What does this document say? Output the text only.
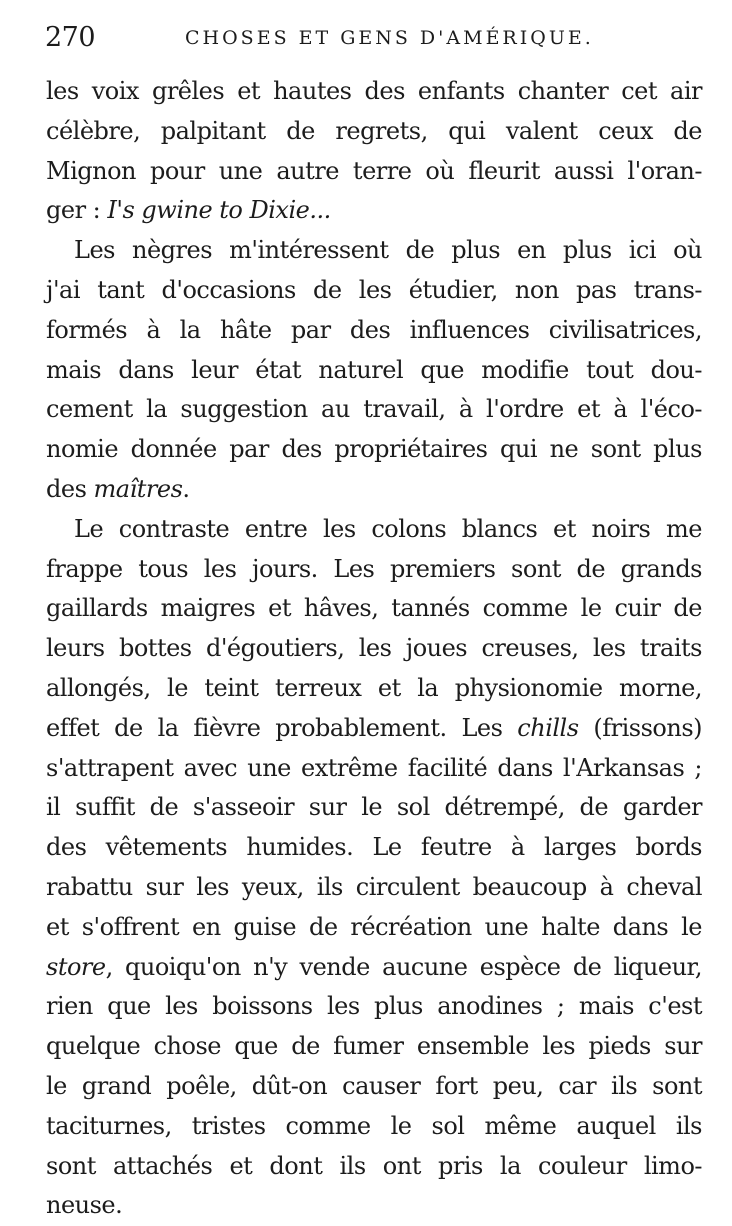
270	CHOSES ET GENS D'AMÉRIQUE.
les voix grêles et hautes des enfants chanter cet air
célèbre, palpitant de regrets, qui valent ceux de
Mignon pour une autre terre où fleurit aussi l'oran-
ger : I's gwine to Dixie...
Les nègres m'intéressent de plus en plus ici où
j'ai tant d'occasions de les étudier, non pas trans-
formés à la hâte par des influences civilisatrices,
mais dans leur état naturel que modifie tout dou-
cement la suggestion au travail, à l'ordre et à l'éco-
nomie donnée par des propriétaires qui ne sont plus
des maîtres.
Le contraste entre les colons blancs et noirs me
frappe tous les jours. Les premiers sont de grands
gaillards maigres et hâves, tannés comme le cuir de
leurs bottes d'égoutiers, les joues creuses, les traits
allongés, le teint terreux et la physionomie morne,
effet de la fièvre probablement. Les chills (frissons)
s'attrapent avec une extrême facilité dans l'Arkansas ;
il suffit de s'asseoir sur le sol détrempé, de garder
des vêtements humides. Le feutre à larges bords
rabattu sur les yeux, ils circulent beaucoup à cheval
et s'offrent en guise de récréation une halte dans le
store, quoiqu'on n'y vende aucune espèce de liqueur,
rien que les boissons les plus anodines ; mais c'est
quelque chose que de fumer ensemble les pieds sur
le grand poêle, dût-on causer fort peu, car ils sont
taciturnes, tristes comme le sol même auquel ils
sont attachés et dont ils ont pris la couleur limo-
neuse.
